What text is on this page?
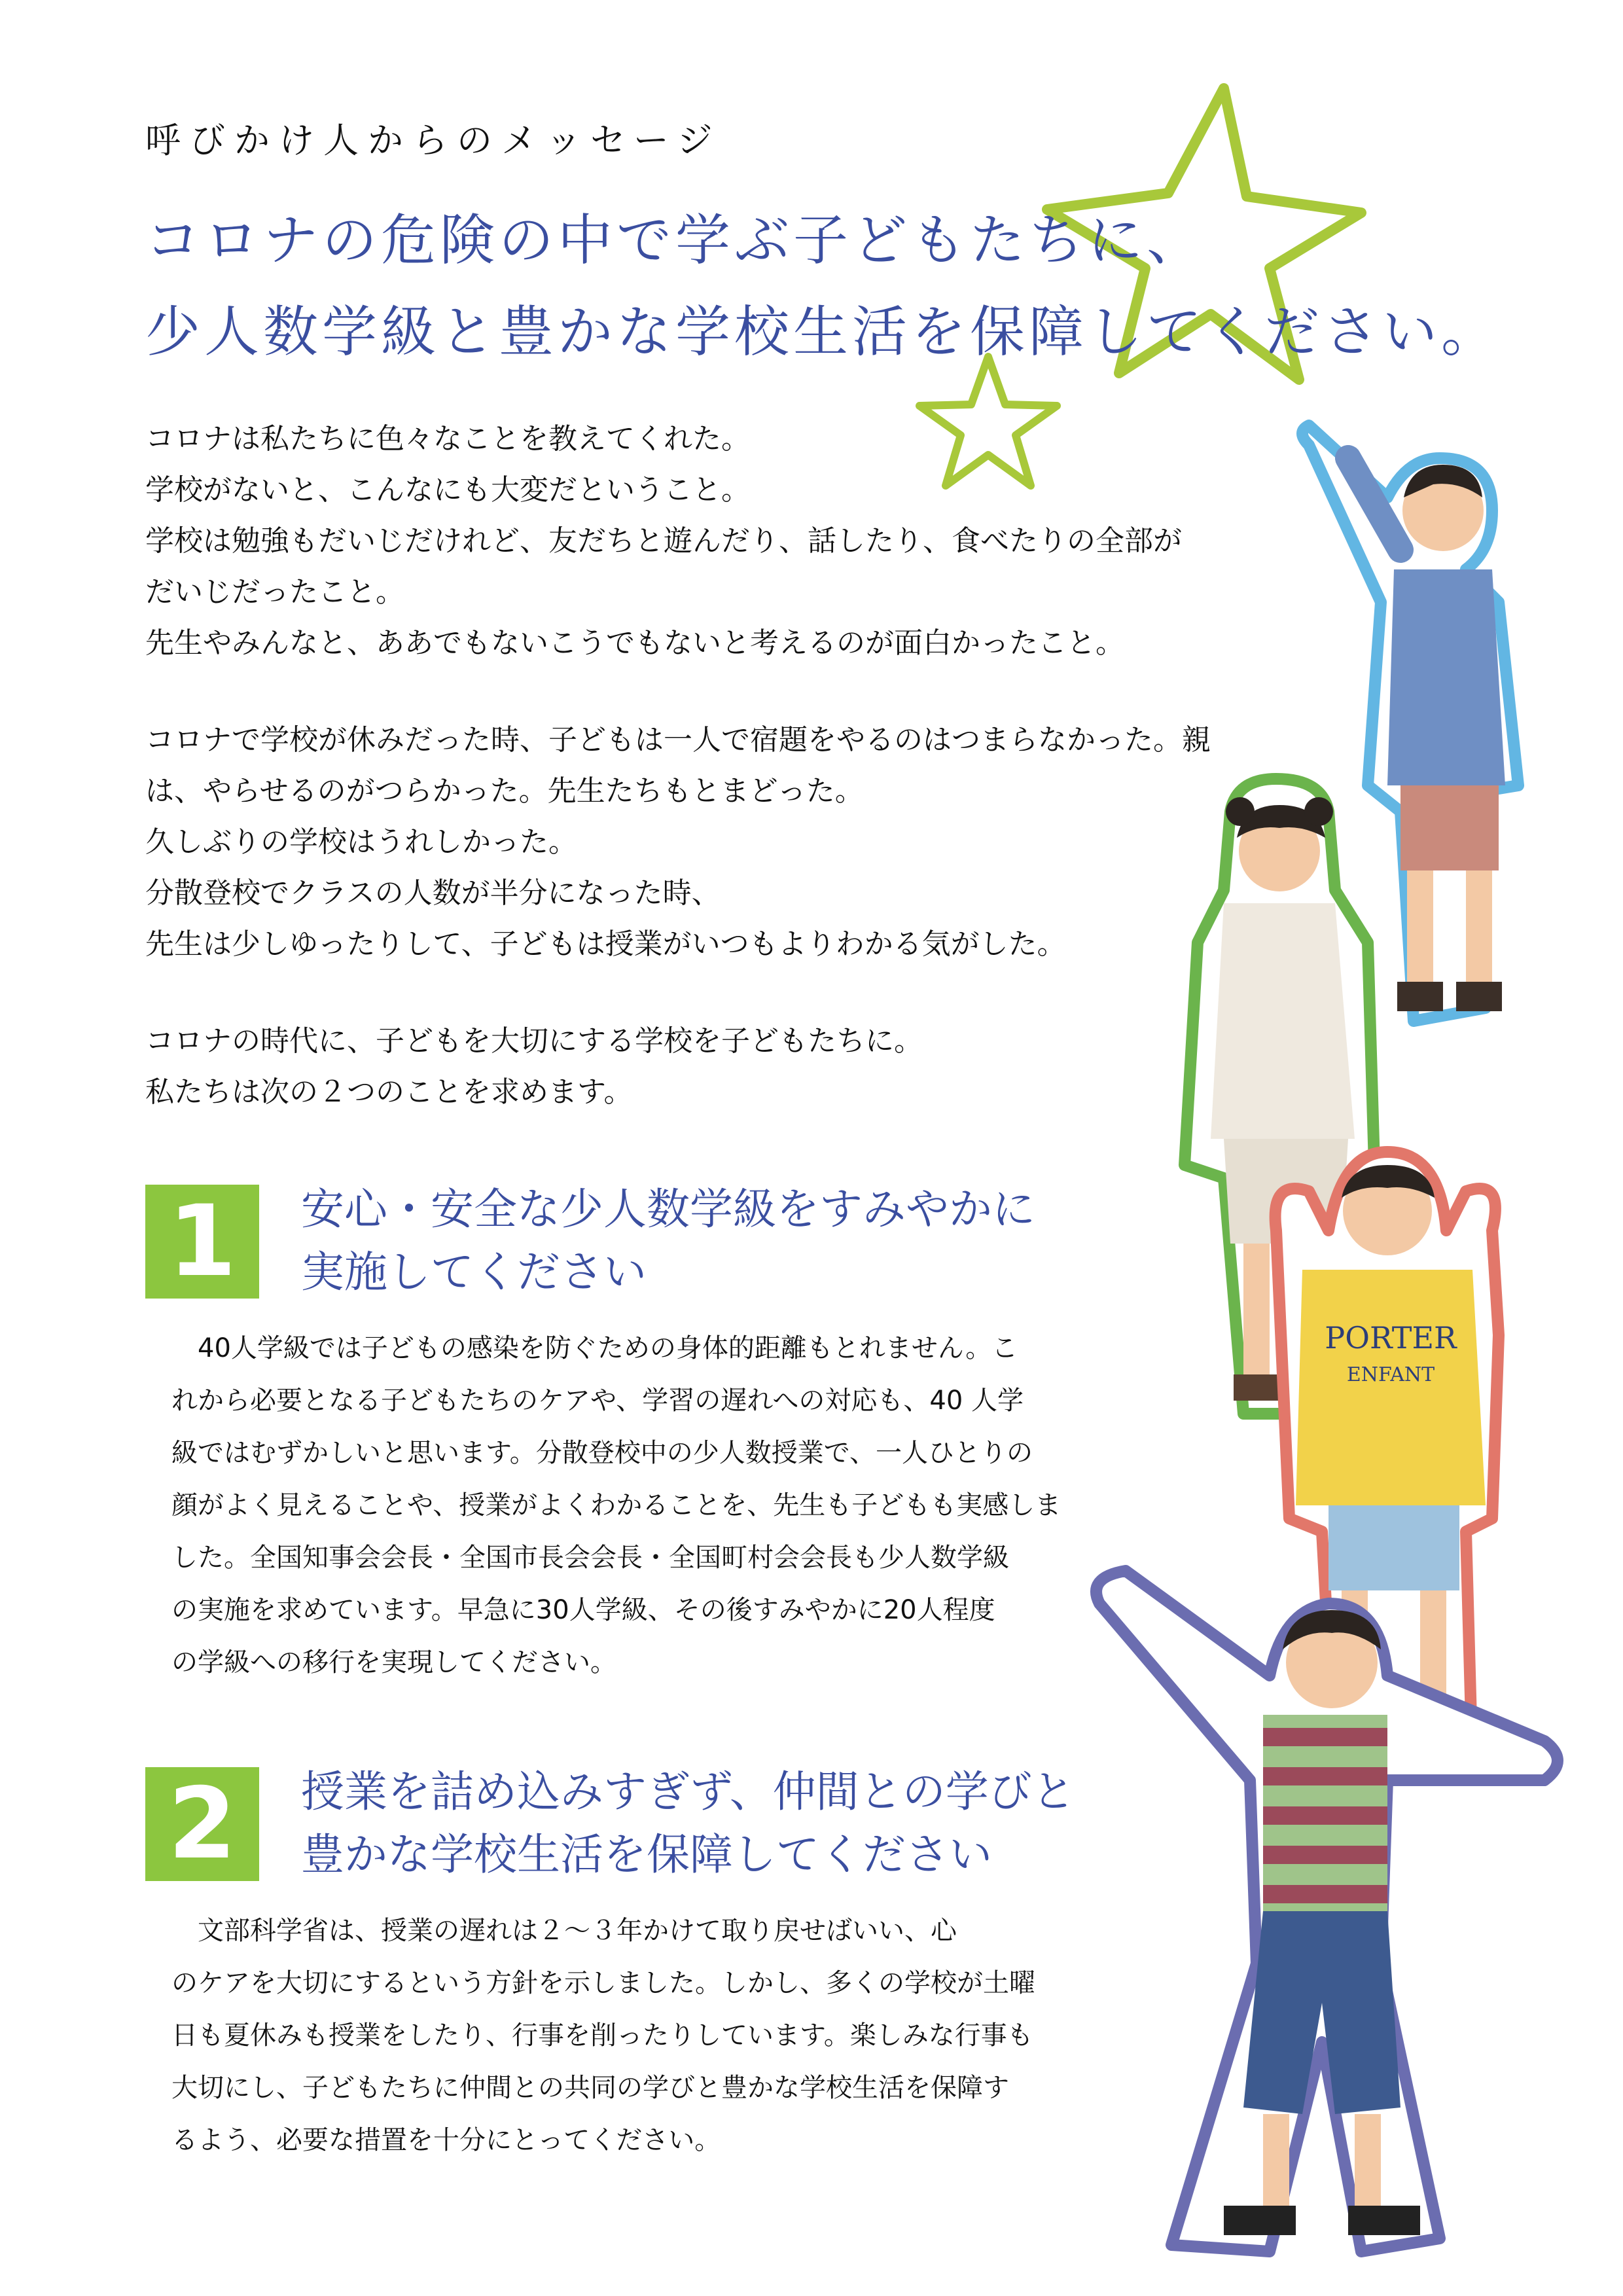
呼びかけ人からのメッセージ
コロナの危険の中で学ぶ子どもたちに、
少人数学級と豊かな学校生活を保障してください。
コロナは私たちに色々なことを教えてくれた。
学校がないと、こんなにも大変だということ。
学校は勉強もだいじだけれど、友だちと遊んだり、話したり、食べたりの全部が
だいじだったこと。
先生やみんなと、ああでもないこうでもないと考えるのが面白かったこと。
コロナで学校が休みだった時、子どもは一人で宿題をやるのはつまらなかった。親
は、やらせるのがつらかった。先生たちもとまどった。
久しぶりの学校はうれしかった。
分散登校でクラスの人数が半分になった時、
先生は少しゆったりして、子どもは授業がいつもよりわかる気がした。
コロナの時代に、子どもを大切にする学校を子どもたちに。
私たちは次の２つのことを求めます。
1	安心・安全な少人数学級をすみやかに
実施してください
　40人学級では子どもの感染を防ぐための身体的距離もとれません。こ
れから必要となる子どもたちのケアや、学習の遅れへの対応も、40 人学
級ではむずかしいと思います。分散登校中の少人数授業で、一人ひとりの
顔がよく見えることや、授業がよくわかることを、先生も子どもも実感しま
した。全国知事会会長・全国市長会会長・全国町村会会長も少人数学級
の実施を求めています。早急に30人学級、その後すみやかに20人程度
の学級への移行を実現してください。
2	授業を詰め込みすぎず、仲間との学びと
豊かな学校生活を保障してください
　文部科学省は、授業の遅れは２～３年かけて取り戻せばいい、心
のケアを大切にするという方針を示しました。しかし、多くの学校が土曜
日も夏休みも授業をしたり、行事を削ったりしています。楽しみな行事も
大切にし、子どもたちに仲間との共同の学びと豊かな学校生活を保障す
るよう、必要な措置を十分にとってください。
PORTER
ENFANT
